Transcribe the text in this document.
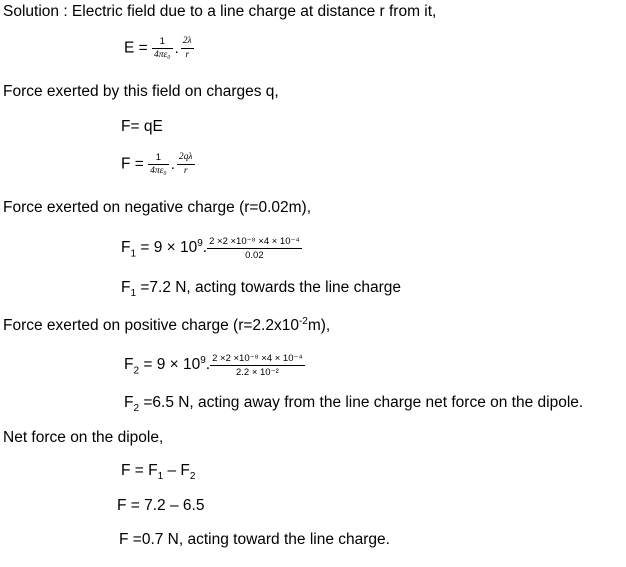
Solution : Electric field due to a line charge at distance r from it,
$E = \frac{1}{\text{4πε₀}}$ . $\frac{2\lambda}{r}$
Force exerted by this field on charges q,
F= qE
$F = \frac{1}{\text{4πε₀}}$ . $\frac{2q\lambda}{r}$
Force exerted on negative charge (r=0.02m),
$F_1 = 9 \times 10^9$. $\frac{\text{2 ×2 ×10⁻⁸ ×4 × 10⁻⁴}}{0.02}$
$F_1 =7.2$ N, acting towards the line charge
Force exerted on positive charge $(r=2.2x10^{-2}m)$,
$F_2 = 9 \times 10^9$. $\frac{\text{2 ×2 ×10⁻⁸ ×4 × 10⁻⁴}}{\text{2.2 × 10⁻²}}$
$F_2 =6.5$ N, acting away from the line charge net force on the dipole.
Net force on the dipole,
$F = F_1 - F_2$
F = 7.2 – 6.5
F =0.7 N, acting toward the line charge.
